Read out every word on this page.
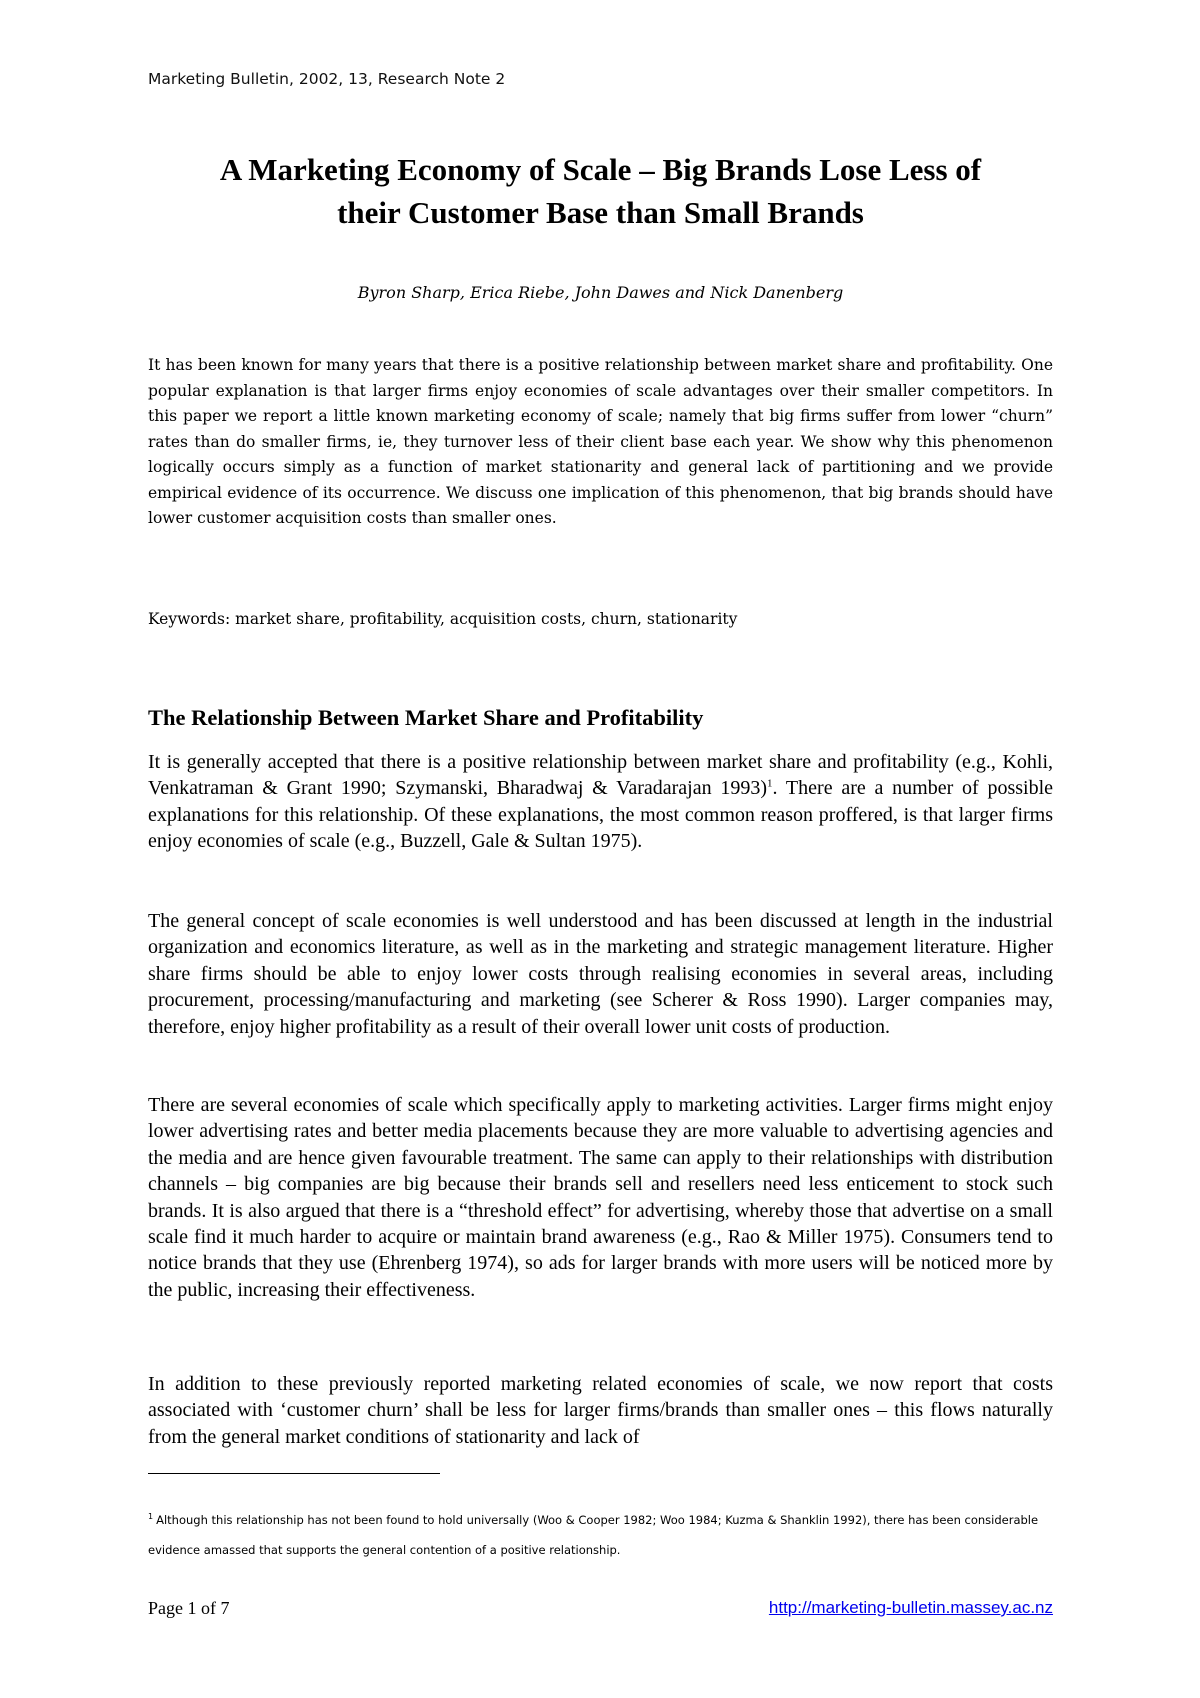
Marketing Bulletin, 2002, 13, Research Note 2
A Marketing Economy of Scale – Big Brands Lose Less of
their Customer Base than Small Brands
Byron Sharp, Erica Riebe, John Dawes and Nick Danenberg

It has been known for many years that there is a positive relationship between market share and profitability. One popular explanation is that larger firms enjoy economies of scale advantages over their smaller competitors. In this paper we report a little known marketing economy of scale; namely that big firms suffer from lower “churn” rates than do smaller firms, ie, they turnover less of their client base each year. We show why this phenomenon logically occurs simply as a function of market stationarity and general lack of partitioning and we provide empirical evidence of its occurrence. We discuss one implication of this phenomenon, that big brands should have lower customer acquisition costs than smaller ones.

Keywords: market share, profitability, acquisition costs, churn, stationarity
The Relationship Between Market Share and Profitability

It is generally accepted that there is a positive relationship between market share and profitability (e.g., Kohli, Venkatraman & Grant 1990; Szymanski, Bharadwaj & Varadarajan 1993)$^1$. There are a number of possible explanations for this relationship. Of these explanations, the most common reason proffered, is that larger firms enjoy economies of scale (e.g., Buzzell, Gale & Sultan 1975).

The general concept of scale economies is well understood and has been discussed at length in the industrial organization and economics literature, as well as in the marketing and strategic management literature. Higher share firms should be able to enjoy lower costs through realising economies in several areas, including procurement, processing/manufacturing and marketing (see Scherer & Ross 1990). Larger companies may, therefore, enjoy higher profitability as a result of their overall lower unit costs of production.

There are several economies of scale which specifically apply to marketing activities. Larger firms might enjoy lower advertising rates and better media placements because they are more valuable to advertising agencies and the media and are hence given favourable treatment. The same can apply to their relationships with distribution channels – big companies are big because their brands sell and resellers need less enticement to stock such brands. It is also argued that there is a “threshold effect” for advertising, whereby those that advertise on a small scale find it much harder to acquire or maintain brand awareness (e.g., Rao & Miller 1975). Consumers tend to notice brands that they use (Ehrenberg 1974), so ads for larger brands with more users will be noticed more by the public, increasing their effectiveness.

In addition to these previously reported marketing related economies of scale, we now report that costs associated with ‘customer churn’ shall be less for larger firms/brands than smaller ones – this flows naturally from the general market conditions of stationarity and lack of

$^1$ Although this relationship has not been found to hold universally (Woo & Cooper 1982; Woo 1984; Kuzma & Shanklin 1992), there has been considerable evidence amassed that supports the general contention of a positive relationship.

Page 1 of 7	http://marketing-bulletin.massey.ac.nz
